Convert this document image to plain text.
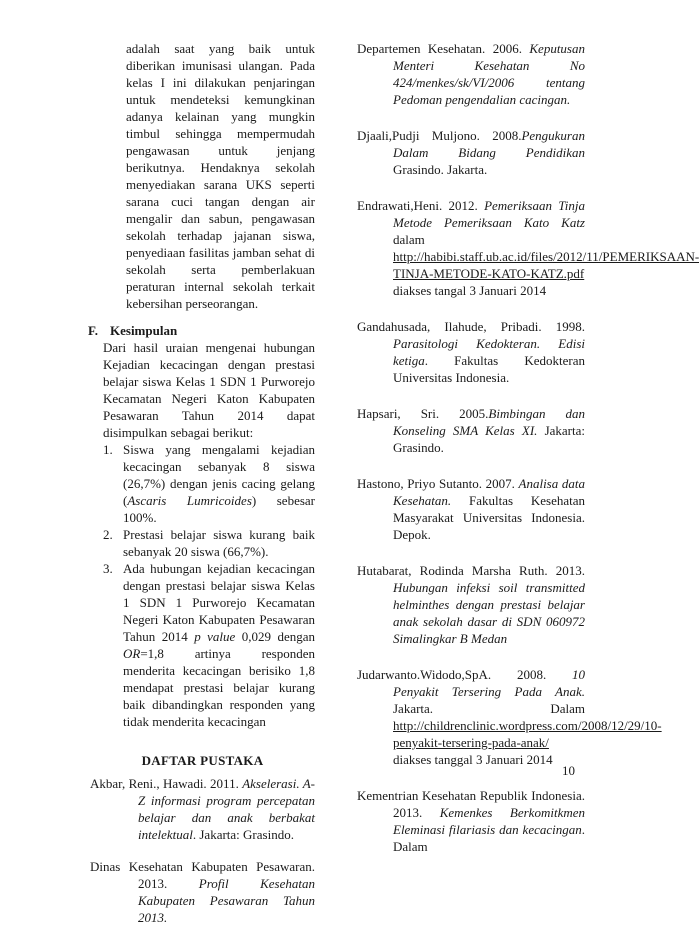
adalah saat yang baik untuk diberikan imunisasi ulangan. Pada kelas I ini dilakukan penjaringan untuk mendeteksi kemungkinan adanya kelainan yang mungkin timbul sehingga mempermudah pengawasan untuk jenjang berikutnya. Hendaknya sekolah menyediakan sarana UKS seperti sarana cuci tangan dengan air mengalir dan sabun, pengawasan sekolah terhadap jajanan siswa, penyediaan fasilitas jamban sehat di sekolah serta pemberlakuan peraturan internal sekolah terkait kebersihan perseorangan.

F. Kesimpulan

Dari hasil uraian mengenai hubungan Kejadian kecacingan dengan prestasi belajar siswa Kelas 1 SDN 1 Purworejo Kecamatan Negeri Katon Kabupaten Pesawaran Tahun 2014 dapat disimpulkan sebagai berikut:

1. Siswa yang mengalami kejadian kecacingan sebanyak 8 siswa (26,7%) dengan jenis cacing gelang (Ascaris Lumricoides) sebesar 100%.
2. Prestasi belajar siswa kurang baik sebanyak 20 siswa (66,7%).
3. Ada hubungan kejadian kecacingan dengan prestasi belajar siswa Kelas 1 SDN 1 Purworejo Kecamatan Negeri Katon Kabupaten Pesawaran Tahun 2014 p value 0,029 dengan OR=1,8 artinya responden menderita kecacingan berisiko 1,8 mendapat prestasi belajar kurang baik dibandingkan responden yang tidak menderita kecacingan
DAFTAR PUSTAKA

Akbar, Reni., Hawadi. 2011. Akselerasi. A-Z informasi program percepatan belajar dan anak berbakat intelektual. Jakarta: Grasindo.

Dinas Kesehatan Kabupaten Pesawaran. 2013. Profil Kesehatan Kabupaten Pesawaran Tahun 2013.

Departemen Kesehatan. 2006. Keputusan Menteri Kesehatan No 424/menkes/sk/VI/2006 tentang Pedoman pengendalian cacingan.

Djaali,Pudji Muljono. 2008.Pengukuran Dalam Bidang Pendidikan Grasindo. Jakarta.

Endrawati,Heni. 2012. Pemeriksaan Tinja Metode Pemeriksaan Kato Katz dalam http://habibi.staff.ub.ac.id/files/2012/11/PEMERIKSAAN-TINJA-METODE-KATO-KATZ.pdf diakses tangal 3 Januari 2014

Gandahusada, Ilahude, Pribadi. 1998. Parasitologi Kedokteran. Edisi ketiga. Fakultas Kedokteran Universitas Indonesia.

Hapsari, Sri. 2005.Bimbingan dan Konseling SMA Kelas XI. Jakarta: Grasindo.

Hastono, Priyo Sutanto. 2007. Analisa data Kesehatan. Fakultas Kesehatan Masyarakat Universitas Indonesia. Depok.

Hutabarat, Rodinda Marsha Ruth. 2013. Hubungan infeksi soil transmitted helminthes dengan prestasi belajar anak sekolah dasar di SDN 060972 Simalingkar B Medan

Judarwanto.Widodo,SpA. 2008. 10 Penyakit Tersering Pada Anak. Jakarta. Dalam http://childrenclinic.wordpress.com/2008/12/29/10-penyakit-tersering-pada-anak/ diakses tanggal 3 Januari 2014

Kementrian Kesehatan Republik Indonesia. 2013. Kemenkes Berkomitkmen Eleminasi filariasis dan kecacingan. Dalam

10
